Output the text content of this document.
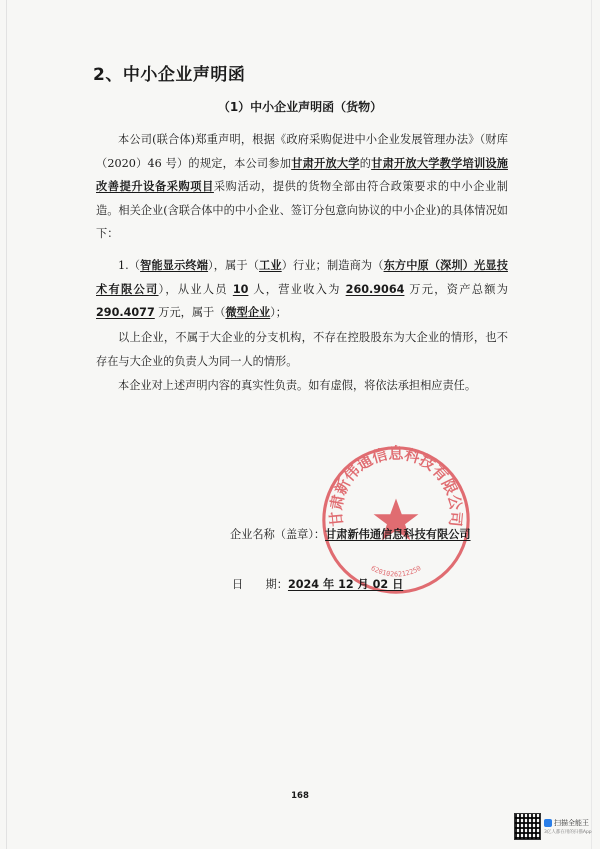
2、中小企业声明函
（1）中小企业声明函（货物）

本公司(联合体)郑重声明，根据《政府采购促进中小企业发展管理办法》（财库（2020）46 号）的规定，本公司参加甘肃开放大学的甘肃开放大学教学培训设施改善提升设备采购项目采购活动，提供的货物全部由符合政策要求的中小企业制造。相关企业(含联合体中的中小企业、签订分包意向协议的中小企业)的具体情况如下：

1.（智能显示终端），属于（工业）行业；制造商为（东方中原（深圳）光显技术有限公司），从业人员 10 人，营业收入为 260.9064 万元，资产总额为 290.4077 万元，属于（微型企业）；

以上企业，不属于大企业的分支机构，不存在控股股东为大企业的情形，也不存在与大企业的负责人为同一人的情形。

本企业对上述声明内容的真实性负责。如有虚假，将依法承担相应责任。

甘肃新伟通信息科技有限公司
6201026212250
企业名称（盖章）：甘肃新伟通信息科技有限公司
日　　期：2024 年 12 月 02 日
168
扫描全能王
3亿人都在用的扫描App
